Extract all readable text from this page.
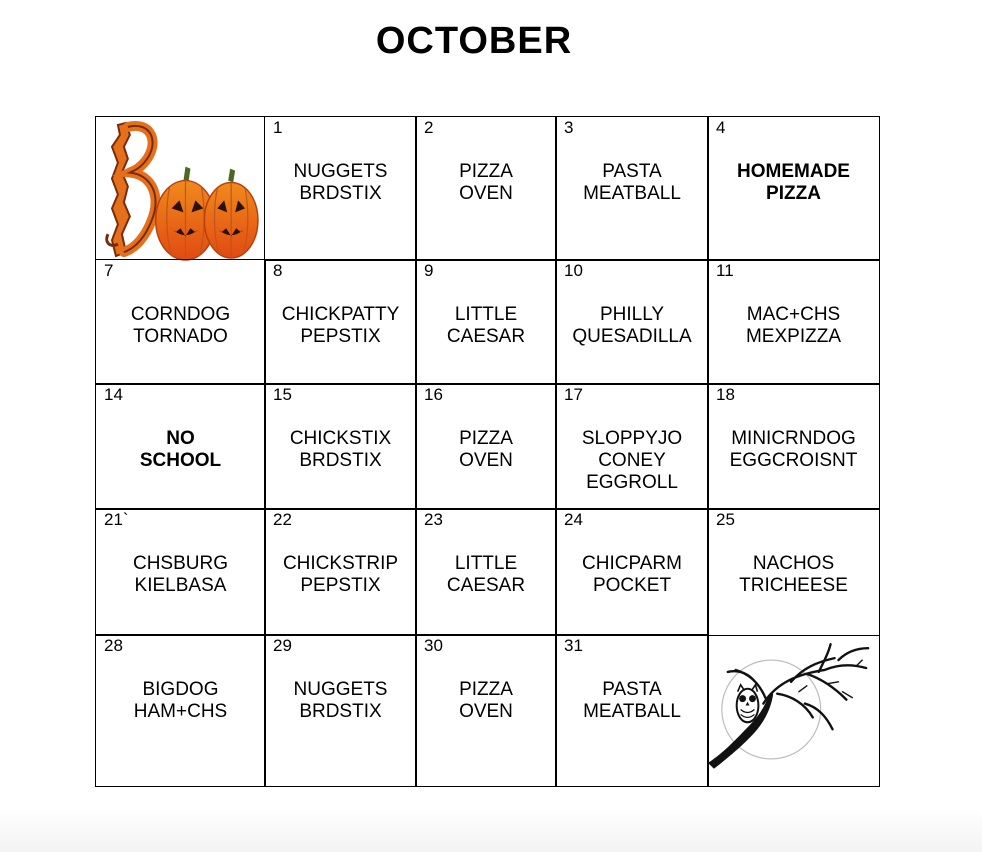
OCTOBER
1
NUGGETS
BRDSTIX
2
PIZZA
OVEN
3
PASTA
MEATBALL
4
HOMEMADE
PIZZA
7
CORNDOG
TORNADO
8
CHICKPATTY
PEPSTIX
9
LITTLE
CAESAR
10
PHILLY
QUESADILLA
11
MAC+CHS
MEXPIZZA
14
NO
SCHOOL
15
CHICKSTIX
BRDSTIX
16
PIZZA
OVEN
17
SLOPPYJO
CONEY
EGGROLL
18
MINICRNDOG
EGGCROISNT
21`
CHSBURG
KIELBASA
22
CHICKSTRIP
PEPSTIX
23
LITTLE
CAESAR
24
CHICPARM
POCKET
25
NACHOS
TRICHEESE
28
BIGDOG
HAM+CHS
29
NUGGETS
BRDSTIX
30
PIZZA
OVEN
31
PASTA
MEATBALL
